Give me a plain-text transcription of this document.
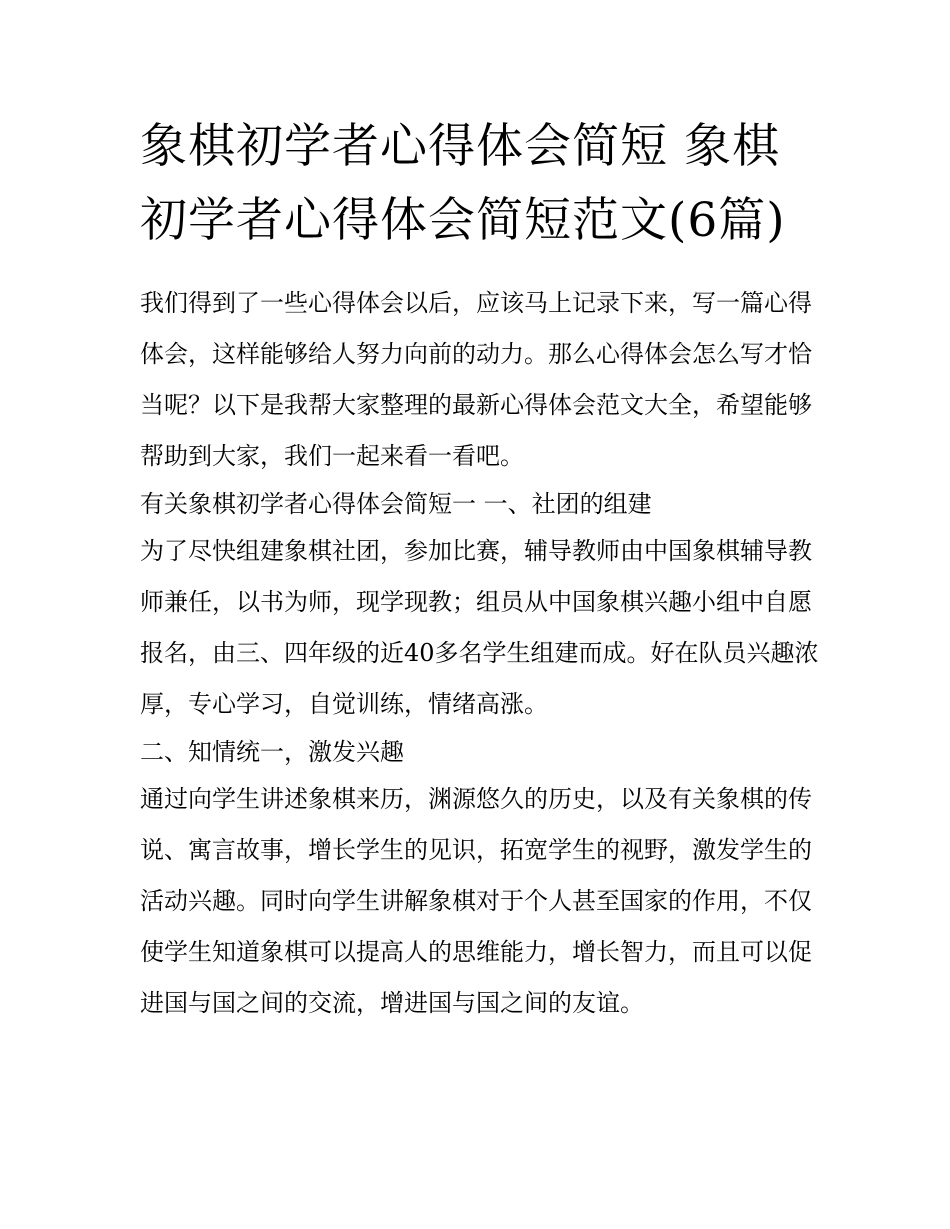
象棋初学者心得体会简短 象棋初学者心得体会简短范文(6篇)

我们得到了一些心得体会以后，应该马上记录下来，写一篇心得体会，这样能够给人努力向前的动力。那么心得体会怎么写才恰当呢？以下是我帮大家整理的最新心得体会范文大全，希望能够帮助到大家，我们一起来看一看吧。

有关象棋初学者心得体会简短一 一、社团的组建

为了尽快组建象棋社团，参加比赛，辅导教师由中国象棋辅导教师兼任，以书为师，现学现教；组员从中国象棋兴趣小组中自愿报名，由三、四年级的近40多名学生组建而成。好在队员兴趣浓厚，专心学习，自觉训练，情绪高涨。

二、知情统一，激发兴趣

通过向学生讲述象棋来历，渊源悠久的历史，以及有关象棋的传说、寓言故事，增长学生的见识，拓宽学生的视野，激发学生的活动兴趣。同时向学生讲解象棋对于个人甚至国家的作用，不仅使学生知道象棋可以提高人的思维能力，增长智力，而且可以促进国与国之间的交流，增进国与国之间的友谊。
